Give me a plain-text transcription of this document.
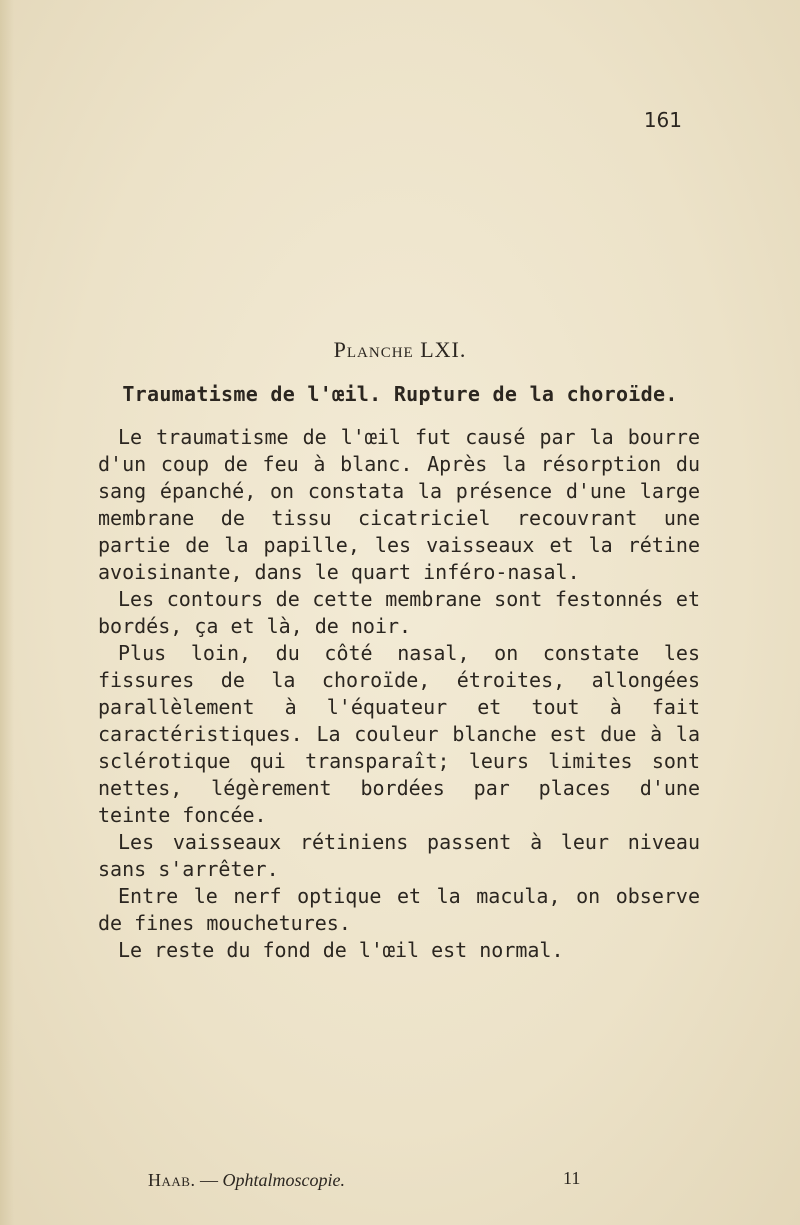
161
Planche LXI.
Traumatisme de l'œil. Rupture de la choroïde.

Le traumatisme de l'œil fut causé par la bourre d'un coup de feu à blanc. Après la résorption du sang épanché, on constata la présence d'une large membrane de tissu cicatriciel recouvrant une partie de la papille, les vaisseaux et la rétine avoisinante, dans le quart inféro-nasal.

Les contours de cette membrane sont festonnés et bordés, ça et là, de noir.

Plus loin, du côté nasal, on constate les fissures de la choroïde, étroites, allongées parallèlement à l'équateur et tout à fait caractéristiques. La couleur blanche est due à la sclérotique qui transparaît; leurs limites sont nettes, légèrement bordées par places d'une teinte foncée.

Les vaisseaux rétiniens passent à leur niveau sans s'arrêter.

Entre le nerf optique et la macula, on observe de fines mouchetures.

Le reste du fond de l'œil est normal.

Haab. — Ophtalmoscopie.	11
